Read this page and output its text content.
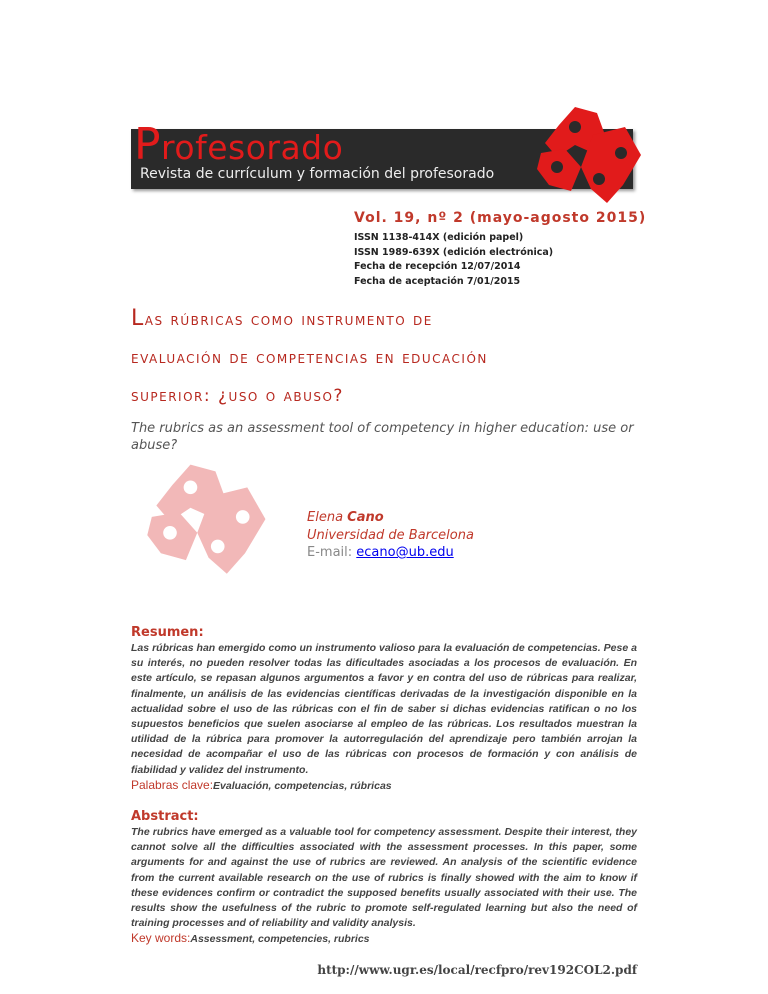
Profesorado
Revista de currículum y formación del profesorado
Vol. 19, nº 2 (mayo-agosto 2015)
ISSN 1138-414X (edición papel)
ISSN 1989-639X (edición electrónica)
Fecha de recepción 12/07/2014
Fecha de aceptación 7/01/2015
Las rúbricas como instrumento de
evaluación de competencias en educación
superior: ¿uso o abuso?
The rubrics as an assessment tool of competency in higher education: use or abuse?
Elena Cano
Universidad de Barcelona
E-mail: ecano@ub.edu
Resumen:
Las rúbricas han emergido como un instrumento valioso para la evaluación de competencias. Pese a su interés, no pueden resolver todas las dificultades asociadas a los procesos de evaluación. En este artículo, se repasan algunos argumentos a favor y en contra del uso de rúbricas para realizar, finalmente, un análisis de las evidencias científicas derivadas de la investigación disponible en la actualidad sobre el uso de las rúbricas con el fin de saber si dichas evidencias ratifican o no los supuestos beneficios que suelen asociarse al empleo de las rúbricas. Los resultados muestran la utilidad de la rúbrica para promover la autorregulación del aprendizaje pero también arrojan la necesidad de acompañar el uso de las rúbricas con procesos de formación y con análisis de fiabilidad y validez del instrumento.
Palabras clave:Evaluación, competencias, rúbricas
Abstract:
The rubrics have emerged as a valuable tool for competency assessment. Despite their interest, they cannot solve all the difficulties associated with the assessment processes. In this paper, some arguments for and against the use of rubrics are reviewed. An analysis of the scientific evidence from the current available research on the use of rubrics is finally showed with the aim to know if these evidences confirm or contradict the supposed benefits usually associated with their use. The results show the usefulness of the rubric to promote self-regulated learning but also the need of training processes and of reliability and validity analysis.
Key words:Assessment, competencies, rubrics
http://www.ugr.es/local/recfpro/rev192COL2.pdf
